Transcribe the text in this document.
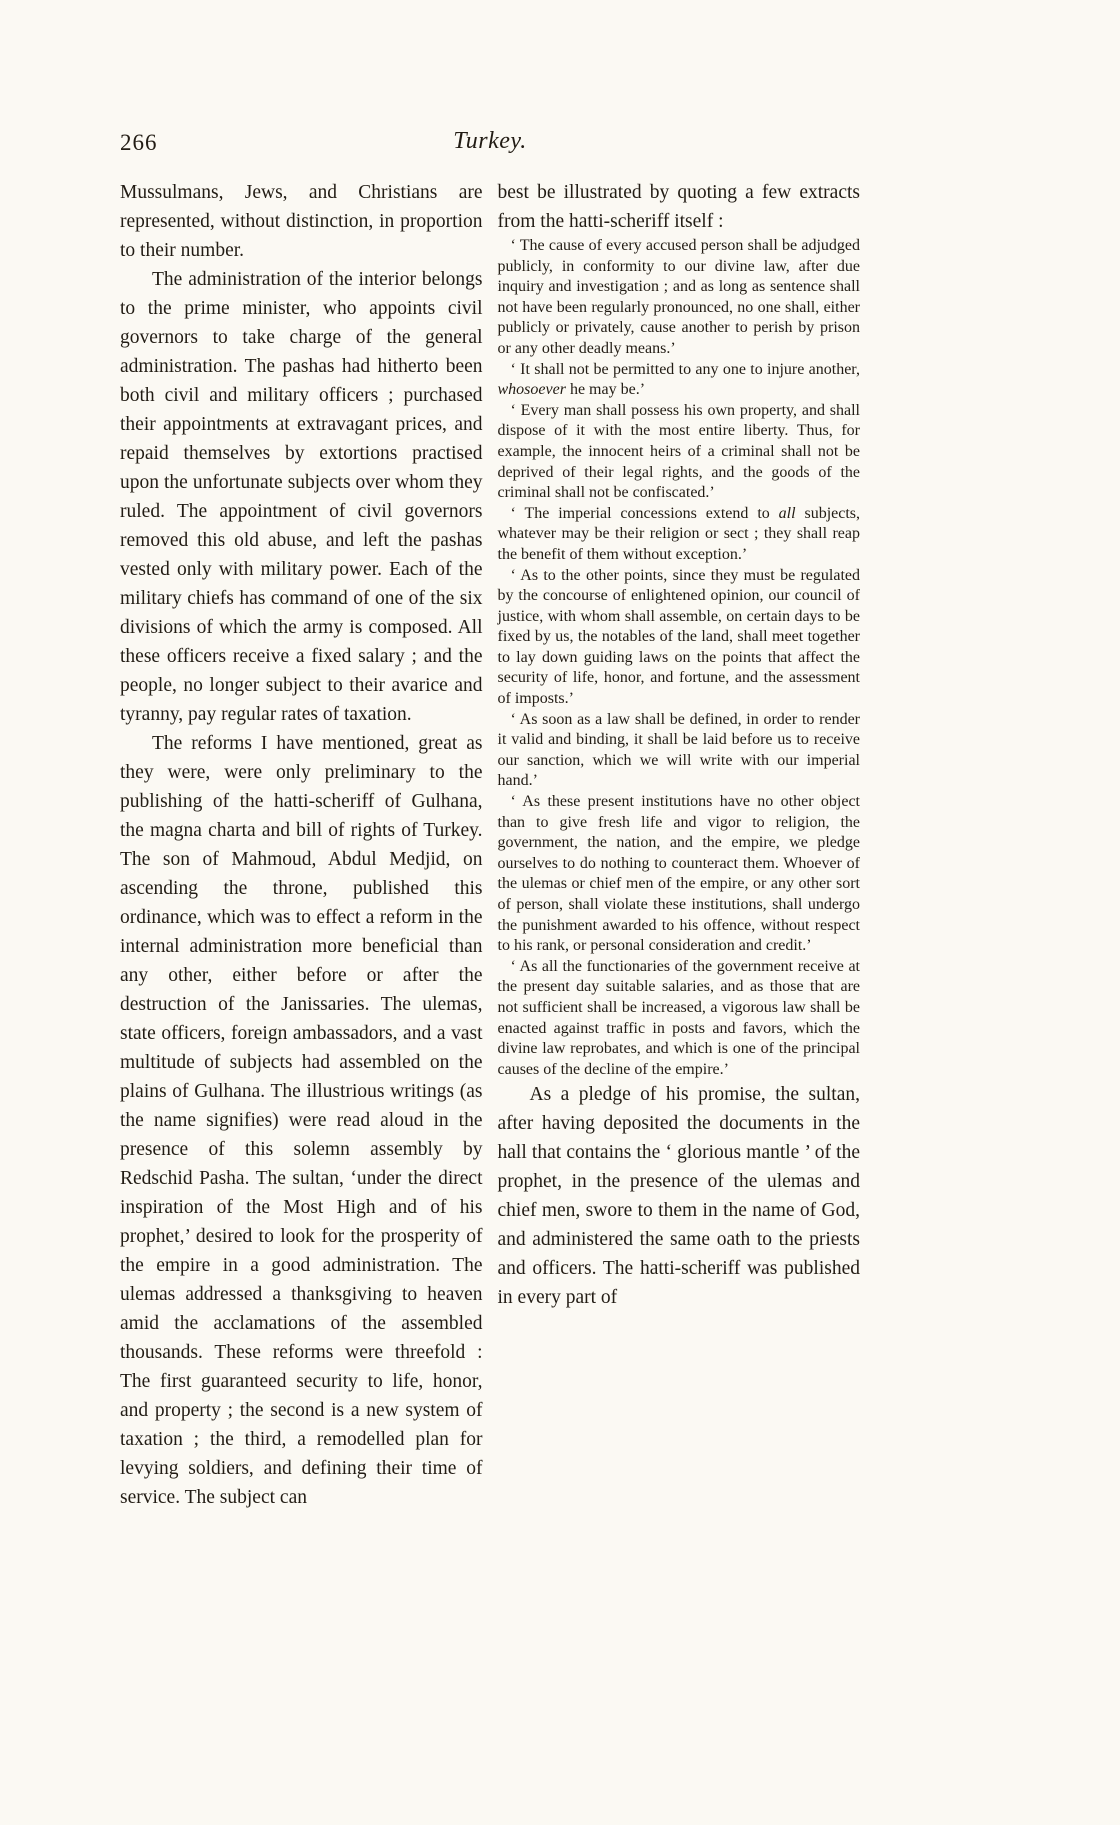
266	Turkey.

Mussulmans, Jews, and Christians are represented, without distinction, in proportion to their number.

The administration of the interior belongs to the prime minister, who appoints civil governors to take charge of the general administration. The pashas had hitherto been both civil and military officers ; purchased their appointments at extravagant prices, and repaid themselves by extortions practised upon the unfortunate subjects over whom they ruled. The appointment of civil governors removed this old abuse, and left the pashas vested only with military power. Each of the military chiefs has command of one of the six divisions of which the army is composed. All these officers receive a fixed salary ; and the people, no longer subject to their avarice and tyranny, pay regular rates of taxation.

The reforms I have mentioned, great as they were, were only preliminary to the publishing of the hatti-scheriff of Gulhana, the magna charta and bill of rights of Turkey. The son of Mahmoud, Abdul Medjid, on ascending the throne, published this ordinance, which was to effect a reform in the internal administration more beneficial than any other, either before or after the destruction of the Janissaries. The ulemas, state officers, foreign ambassadors, and a vast multitude of subjects had assembled on the plains of Gulhana. The illustrious writings (as the name signifies) were read aloud in the presence of this solemn assembly by Redschid Pasha. The sultan, ‘under the direct inspiration of the Most High and of his prophet,’ desired to look for the prosperity of the empire in a good administration. The ulemas addressed a thanksgiving to heaven amid the acclamations of the assembled thousands. These reforms were threefold : The first guaranteed security to life, honor, and property ; the second is a new system of taxation ; the third, a remodelled plan for levying soldiers, and defining their time of service. The subject can

best be illustrated by quoting a few extracts from the hatti-scheriff itself :

‘ The cause of every accused person shall be adjudged publicly, in conformity to our divine law, after due inquiry and investigation ; and as long as sentence shall not have been regularly pronounced, no one shall, either publicly or privately, cause another to perish by prison or any other deadly means.’

‘ It shall not be permitted to any one to injure another, whosoever he may be.’

‘ Every man shall possess his own property, and shall dispose of it with the most entire liberty. Thus, for example, the innocent heirs of a criminal shall not be deprived of their legal rights, and the goods of the criminal shall not be confiscated.’

‘ The imperial concessions extend to all subjects, whatever may be their religion or sect ; they shall reap the benefit of them without exception.’

‘ As to the other points, since they must be regulated by the concourse of enlightened opinion, our council of justice, with whom shall assemble, on certain days to be fixed by us, the notables of the land, shall meet together to lay down guiding laws on the points that affect the security of life, honor, and fortune, and the assessment of imposts.’

‘ As soon as a law shall be defined, in order to render it valid and binding, it shall be laid before us to receive our sanction, which we will write with our imperial hand.’

‘ As these present institutions have no other object than to give fresh life and vigor to religion, the government, the nation, and the empire, we pledge ourselves to do nothing to counteract them. Whoever of the ulemas or chief men of the empire, or any other sort of person, shall violate these institutions, shall undergo the punishment awarded to his offence, without respect to his rank, or personal consideration and credit.’

‘ As all the functionaries of the government receive at the present day suitable salaries, and as those that are not sufficient shall be increased, a vigorous law shall be enacted against traffic in posts and favors, which the divine law reprobates, and which is one of the principal causes of the decline of the empire.’

As a pledge of his promise, the sultan, after having deposited the documents in the hall that contains the ‘ glorious mantle ’ of the prophet, in the presence of the ulemas and chief men, swore to them in the name of God, and administered the same oath to the priests and officers. The hatti-scheriff was published in every part of
